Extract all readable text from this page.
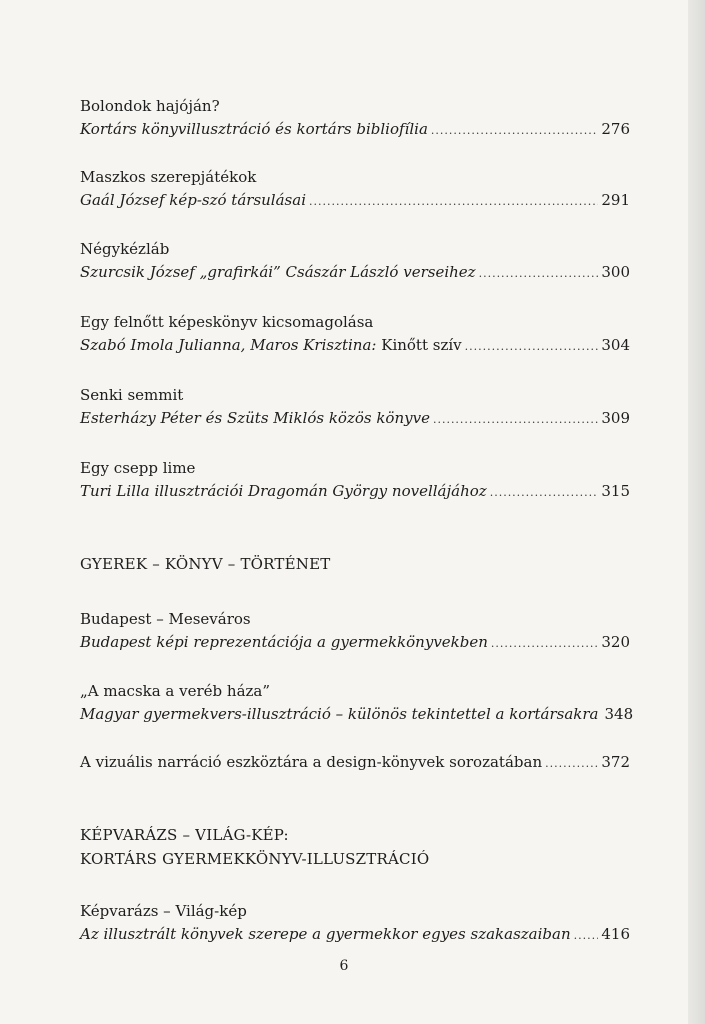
Bolondok hajóján?
Kortárs könyvillusztráció és kortárs bibliofília .....	276
Maszkos szerepjátékok
Gaál József kép-szó társulásai .....	291
Négykézláb
Szurcsik József „grafirkái” Császár László verseihez .....	300
Egy felnőtt képeskönyv kicsomagolása
Szabó Imola Julianna, Maros Krisztina: Kinőtt szív .....	304
Senki semmit
Esterházy Péter és Szüts Miklós közös könyve .....	309
Egy csepp lime
Turi Lilla illusztrációi Dragomán György novellájához .....	315
GYEREK – KÖNYV – TÖRTÉNET
Budapest – Meseváros
Budapest képi reprezentációja a gyermekkönyvekben .....	320
„A macska a veréb háza”
Magyar gyermekvers-illusztráció – különös tekintettel a kortársakra 348
A vizuális narráció eszköztára a design-könyvek sorozatában .....	372
KÉPVARÁZS – VILÁG-KÉP:
KORTÁRS GYERMEKKÖNYV-ILLUSZTRÁCIÓ
Képvarázs – Világ-kép
Az illusztrált könyvek szerepe a gyermekkor egyes szakaszaiban ..... 416
6
